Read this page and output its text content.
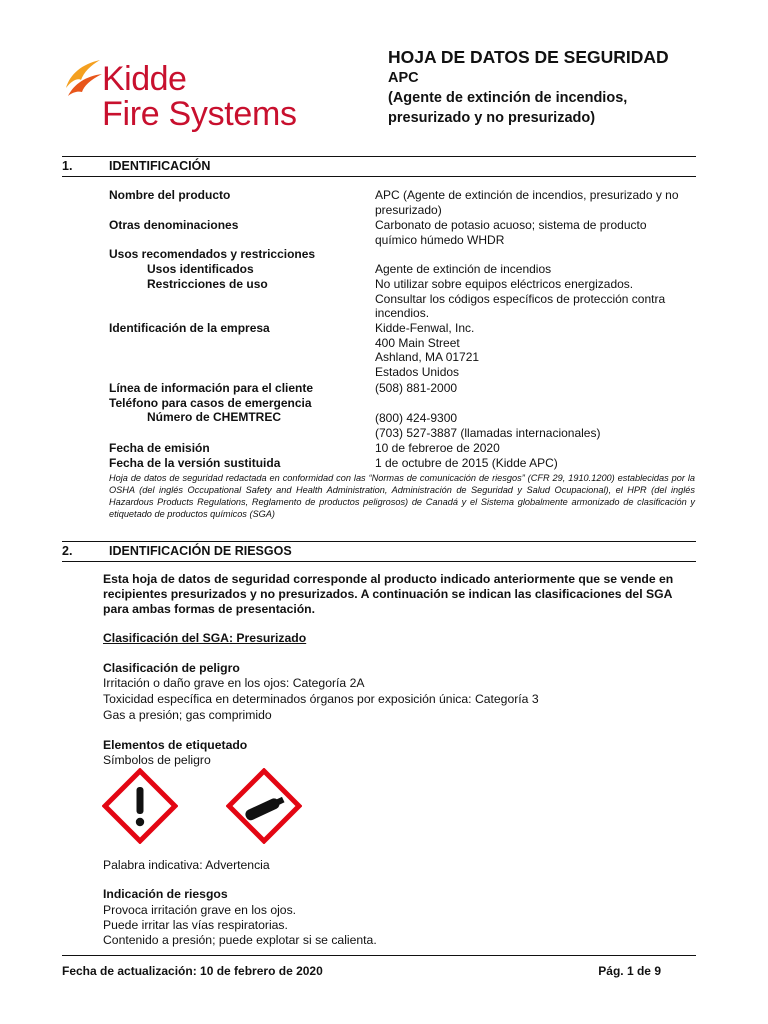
Kidde
Fire Systems
HOJA DE DATOS DE SEGURIDAD
APC
(Agente de extinción de incendios,
presurizado y no presurizado)
1.	IDENTIFICACIÓN
Nombre del producto	APC (Agente de extinción de incendios, presurizado y no presurizado)
Otras denominaciones	Carbonato de potasio acuoso; sistema de producto químico húmedo WHDR
Usos recomendados y restricciones
Usos identificados	Agente de extinción de incendios
Restricciones de uso	No utilizar sobre equipos eléctricos energizados. Consultar los códigos específicos de protección contra incendios.
Identificación de la empresa	Kidde-Fenwal, Inc.
400 Main Street
Ashland, MA 01721
Estados Unidos
Línea de información para el cliente	(508) 881-2000
Teléfono para casos de emergencia
Número de CHEMTREC	(800) 424-9300
(703) 527-3887 (llamadas internacionales)
Fecha de emisión	10 de febreroe de 2020
Fecha de la versión sustituida	1 de octubre de 2015 (Kidde APC)
Hoja de datos de seguridad redactada en conformidad con las “Normas de comunicación de riesgos” (CFR 29, 1910.1200) establecidas por la OSHA (del inglés Occupational Safety and Health Administration, Administración de Seguridad y Salud Ocupacional), el HPR (del inglés Hazardous Products Regulations, Reglamento de productos peligrosos) de Canadá y el Sistema globalmente armonizado de clasificación y etiquetado de productos químicos (SGA)
2.	IDENTIFICACIÓN DE RIESGOS
Esta hoja de datos de seguridad corresponde al producto indicado anteriormente que se vende en recipientes presurizados y no presurizados. A continuación se indican las clasificaciones del SGA para ambas formas de presentación.
Clasificación del SGA: Presurizado
Clasificación de peligro
Irritación o daño grave en los ojos: Categoría 2A
Toxicidad específica en determinados órganos por exposición única: Categoría 3
Gas a presión; gas comprimido
Elementos de etiquetado
Símbolos de peligro
Palabra indicativa: Advertencia
Indicación de riesgos
Provoca irritación grave en los ojos.
Puede irritar las vías respiratorias.
Contenido a presión; puede explotar si se calienta.
Fecha de actualización: 10 de febrero de 2020	Pág. 1 de 9
